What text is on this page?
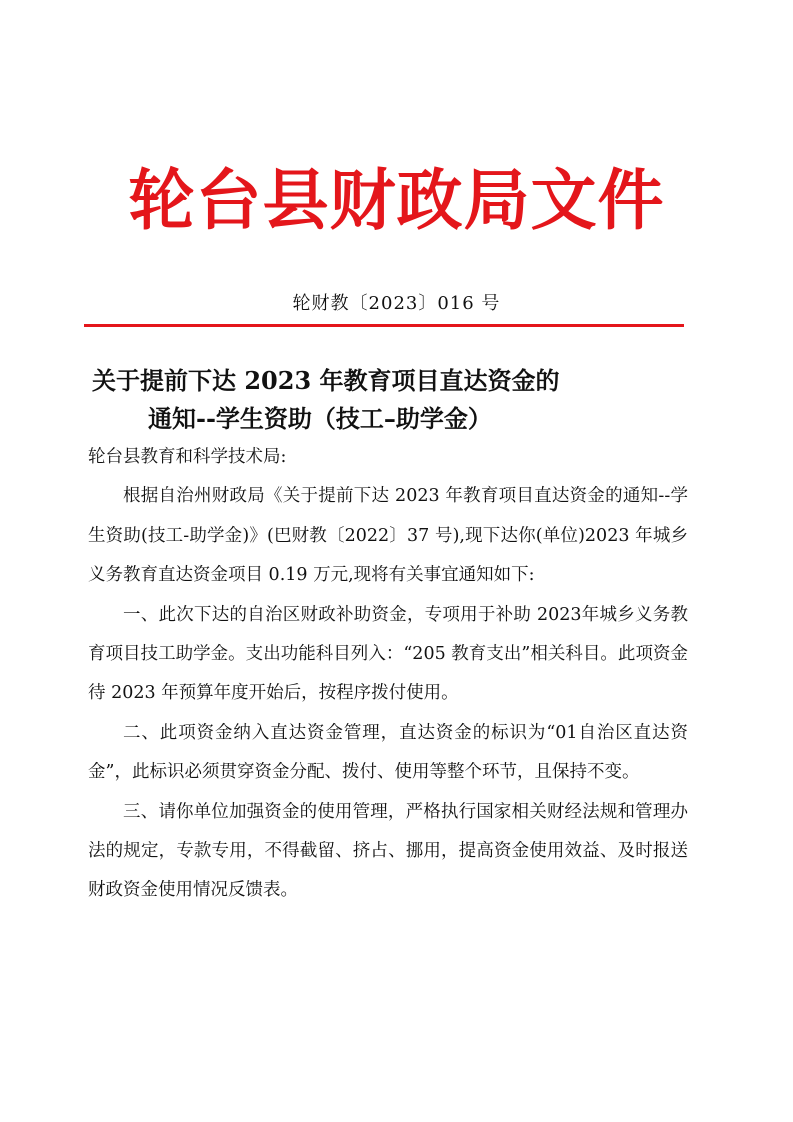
轮台县财政局文件
轮财教〔2023〕016 号
关于提前下达 2023 年教育项目直达资金的
通知--学生资助（技工–助学金）

轮台县教育和科学技术局:

根据自治州财政局《关于提前下达 2023 年教育项目直达资金的通知--学生资助(技工-助学金)》(巴财教〔2022〕37 号),现下达你(单位)2023 年城乡义务教育直达资金项目 0.19 万元,现将有关事宜通知如下:

一、此次下达的自治区财政补助资金，专项用于补助 2023年城乡义务教育项目技工助学金。支出功能科目列入：“205 教育支出”相关科目。此项资金待 2023 年预算年度开始后，按程序拨付使用。

二、此项资金纳入直达资金管理，直达资金的标识为“01自治区直达资金”，此标识必须贯穿资金分配、拨付、使用等整个环节，且保持不变。

三、请你单位加强资金的使用管理，严格执行国家相关财经法规和管理办法的规定，专款专用，不得截留、挤占、挪用，提高资金使用效益、及时报送财政资金使用情况反馈表。
